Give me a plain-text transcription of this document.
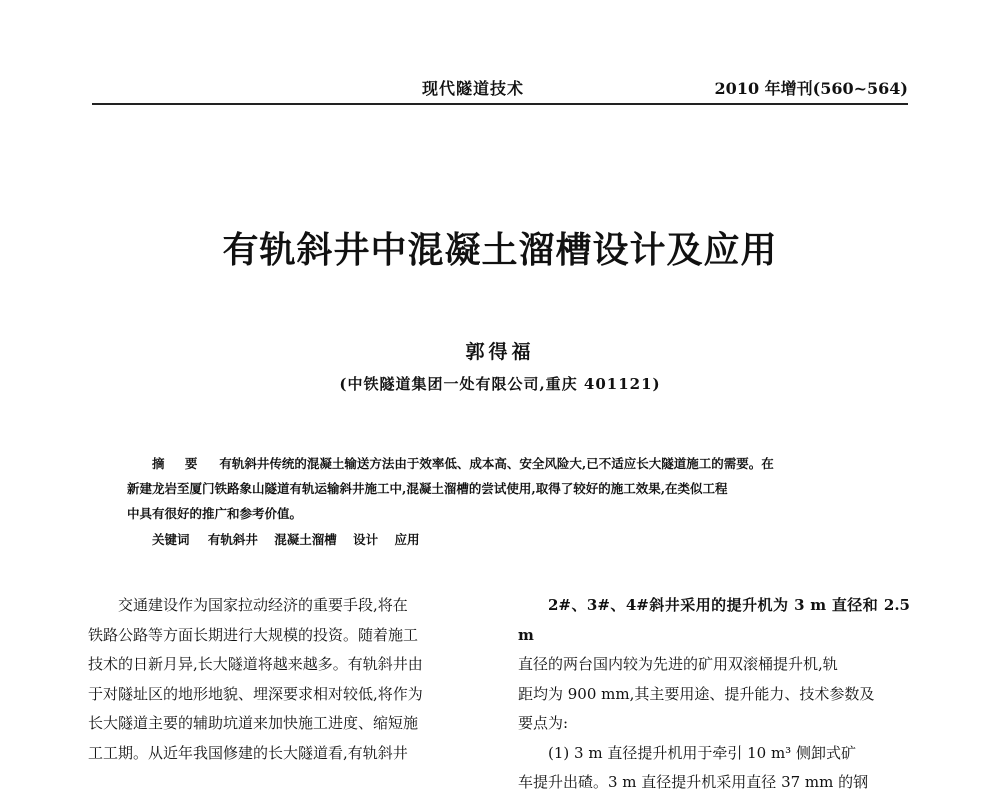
现代隧道技术	2010 年增刊(560~564)
有轨斜井中混凝土溜槽设计及应用
郭得福
(中铁隧道集团一处有限公司,重庆 401121)
摘 要 有轨斜井传统的混凝土输送方法由于效率低、成本高、安全风险大,已不适应长大隧道施工的需要。在
新建龙岩至厦门铁路象山隧道有轨运输斜井施工中,混凝土溜槽的尝试使用,取得了较好的施工效果,在类似工程
中具有很好的推广和参考价值。
关键词 有轨斜井 混凝土溜槽 设计 应用

交通建设作为国家拉动经济的重要手段,将在

铁路公路等方面长期进行大规模的投资。随着施工

技术的日新月异,长大隧道将越来越多。有轨斜井由

于对隧址区的地形地貌、埋深要求相对较低,将作为

长大隧道主要的辅助坑道来加快施工进度、缩短施

工工期。从近年我国修建的长大隧道看,有轨斜井

2#、3#、4#斜井采用的提升机为 3 m 直径和 2.5 m

直径的两台国内较为先进的矿用双滚桶提升机,轨

距均为 900 mm,其主要用途、提升能力、技术参数及

要点为:

(1) 3 m 直径提升机用于牵引 10 m³ 侧卸式矿

车提升出碴。3 m 直径提升机采用直径 37 mm 的钢
